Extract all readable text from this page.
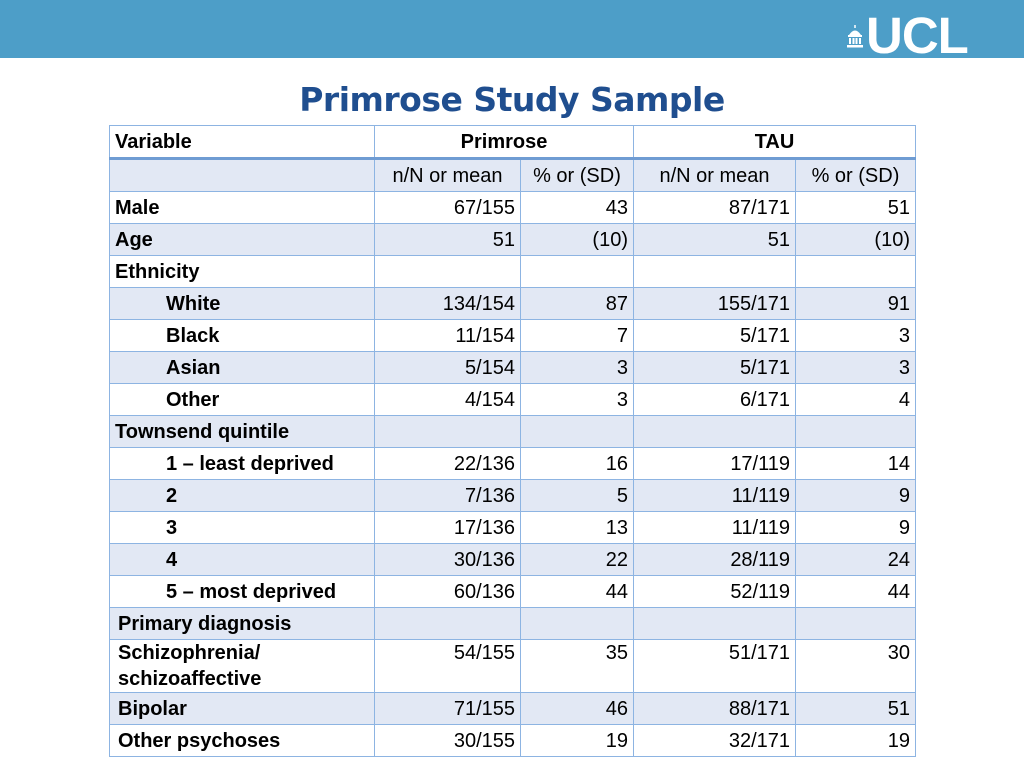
UCL
Primrose Study Sample
Variable	Primrose		TAU	
	n/N or mean	% or (SD)	n/N or mean	% or (SD)
Male	67/155	43	87/171	51
Age	51	(10)	51	(10)
Ethnicity				
White	134/154	87	155/171	91
Black	11/154	7	5/171	3
Asian	5/154	3	5/171	3
Other	4/154	3	6/171	4
Townsend quintile				
1 – least deprived	22/136	16	17/119	14
2	7/136	5	11/119	9
3	17/136	13	11/119	9
4	30/136	22	28/119	24
5 – most deprived	60/136	44	52/119	44
Primary diagnosis				
Schizophrenia/ schizoaffective	54/155	35	51/171	30
Bipolar	71/155	46	88/171	51
Other psychoses	30/155	19	32/171	19
